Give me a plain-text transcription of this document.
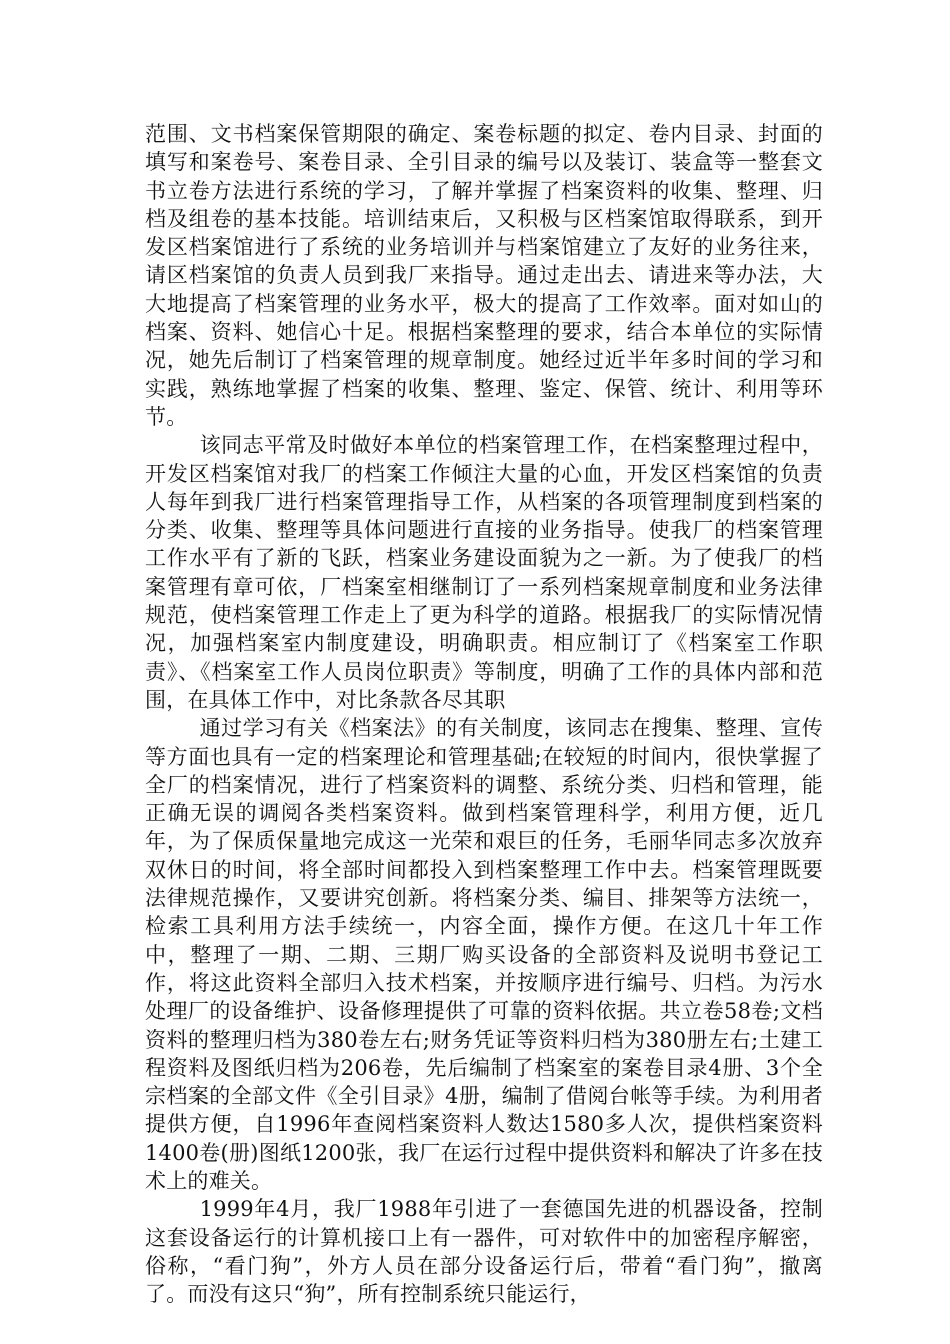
范围、文书档案保管期限的确定、案卷标题的拟定、卷内目录、封面的填写和案卷号、案卷目录、全引目录的编号以及装订、装盒等一整套文书立卷方法进行系统的学习，了解并掌握了档案资料的收集、整理、归档及组卷的基本技能。培训结束后，又积极与区档案馆取得联系，到开发区档案馆进行了系统的业务培训并与档案馆建立了友好的业务往来，请区档案馆的负责人员到我厂来指导。通过走出去、请进来等办法，大大地提高了档案管理的业务水平，极大的提高了工作效率。面对如山的档案、资料、她信心十足。根据档案整理的要求，结合本单位的实际情况，她先后制订了档案管理的规章制度。她经过近半年多时间的学习和实践，熟练地掌握了档案的收集、整理、鉴定、保管、统计、利用等环节。

该同志平常及时做好本单位的档案管理工作，在档案整理过程中，开发区档案馆对我厂的档案工作倾注大量的心血，开发区档案馆的负责人每年到我厂进行档案管理指导工作，从档案的各项管理制度到档案的分类、收集、整理等具体问题进行直接的业务指导。使我厂的档案管理工作水平有了新的飞跃，档案业务建设面貌为之一新。为了使我厂的档案管理有章可依，厂档案室相继制订了一系列档案规章制度和业务法律规范，使档案管理工作走上了更为科学的道路。根据我厂的实际情况情况，加强档案室内制度建设，明确职责。相应制订了《档案室工作职责》、《档案室工作人员岗位职责》等制度，明确了工作的具体内部和范围，在具体工作中，对比条款各尽其职

通过学习有关《档案法》的有关制度，该同志在搜集、整理、宣传等方面也具有一定的档案理论和管理基础;在较短的时间内，很快掌握了全厂的档案情况，进行了档案资料的调整、系统分类、归档和管理，能正确无误的调阅各类档案资料。做到档案管理科学，利用方便，近几年，为了保质保量地完成这一光荣和艰巨的任务，毛丽华同志多次放弃双休日的时间，将全部时间都投入到档案整理工作中去。档案管理既要法律规范操作，又要讲究创新。将档案分类、编目、排架等方法统一，检索工具利用方法手续统一，内容全面，操作方便。在这几十年工作中，整理了一期、二期、三期厂购买设备的全部资料及说明书登记工作，将这此资料全部归入技术档案，并按顺序进行编号、归档。为污水处理厂的设备维护、设备修理提供了可靠的资料依据。共立卷58卷;文档资料的整理归档为380卷左右;财务凭证等资料归档为380册左右;土建工程资料及图纸归档为206卷，先后编制了档案室的案卷目录4册、3个全宗档案的全部文件《全引目录》4册，编制了借阅台帐等手续。为利用者提供方便，自1996年查阅档案资料人数达1580多人次，提供档案资料1400卷(册)图纸1200张，我厂在运行过程中提供资料和解决了许多在技术上的难关。

1999年4月，我厂1988年引进了一套德国先进的机器设备，控制这套设备运行的计算机接口上有一器件，可对软件中的加密程序解密，俗称，“看门狗”，外方人员在部分设备运行后，带着“看门狗”，撤离了。而没有这只“狗”，所有控制系统只能运行，
